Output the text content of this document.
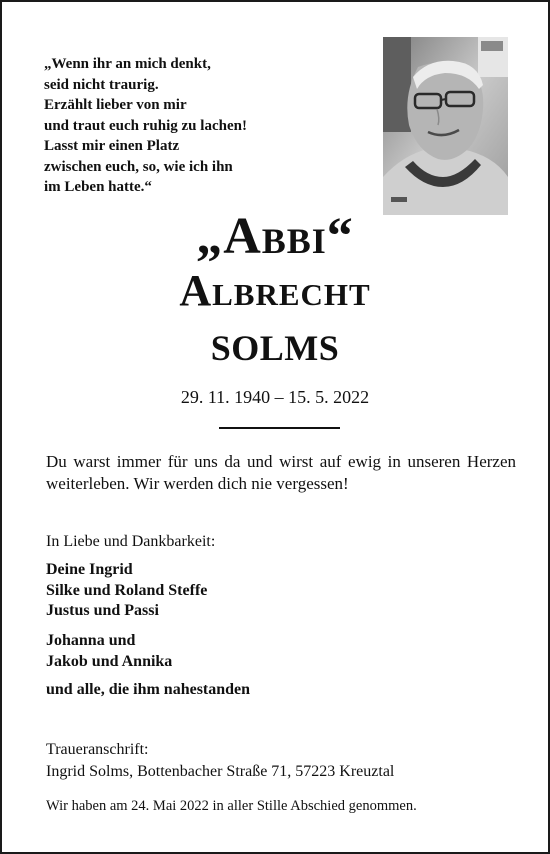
„Wenn ihr an mich denkt,
seid nicht traurig.
Erzählt lieber von mir
und traut euch ruhig zu lachen!
Lasst mir einen Platz
zwischen euch, so, wie ich ihn
im Leben hatte.“
„Abbi“
Albrecht
SOLMS
29. 11. 1940 – 15. 5. 2022

Du warst immer für uns da und wirst auf ewig in unseren Herzen weiterleben. Wir werden dich nie vergessen!

In Liebe und Dankbarkeit:
Deine Ingrid
Silke und Roland Steffe
Justus und Passi
Johanna und
Jakob und Annika
und alle, die ihm nahestanden
Traueranschrift:
Ingrid Solms, Bottenbacher Straße 71, 57223 Kreuztal
Wir haben am 24. Mai 2022 in aller Stille Abschied genommen.
